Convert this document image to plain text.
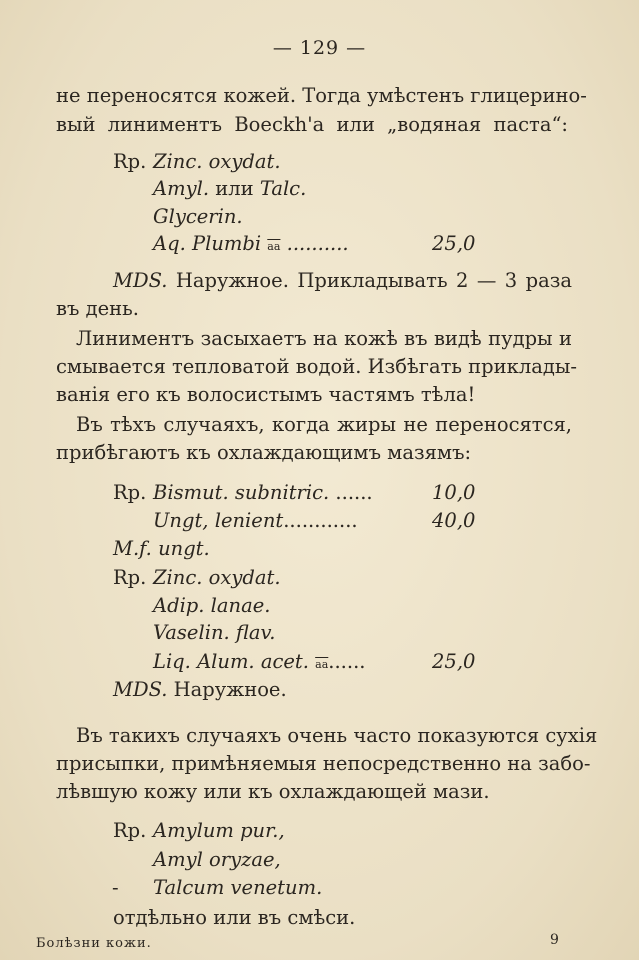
— 129 —
не переносятся кожей. Тогда умѣстенъ глицерино-
вый линиментъ Boeckh'a или „водяная паста“:
Rp. Zinc. oxydat.
Amyl. или Talc.
Glycerin.
Aq. Plumbi $\overline{aa}$ ..........	25,0
MDS. Наружное. Прикладывать 2 — 3 раза
въ день.
Линиментъ засыхаетъ на кожѣ въ видѣ пудры и
смывается тепловатой водой. Избѣгать приклады-
ванія его къ волосистымъ частямъ тѣла!
Въ тѣхъ случаяхъ, когда жиры не переносятся,
прибѣгаютъ къ охлаждающимъ мазямъ:
Rp. Bismut. subnitric. ......	10,0
Ungt, lenient............	40,0
M.f. ungt.
Rp. Zinc. oxydat.
Adip. lanae.
Vaselin. flav.
Liq. Alum. acet. $\overline{aa}$......	25,0
MDS. Наружное.
Въ такихъ случаяхъ очень часто показуются сухія
присыпки, примѣняемыя непосредственно на забо-
лѣвшую кожу или къ охлаждающей мази.
Rp. Amylum pur.,
Amyl oryzae,
- Talcum venetum.
отдѣльно или въ смѣси.
Болѣзни кожи.	9
